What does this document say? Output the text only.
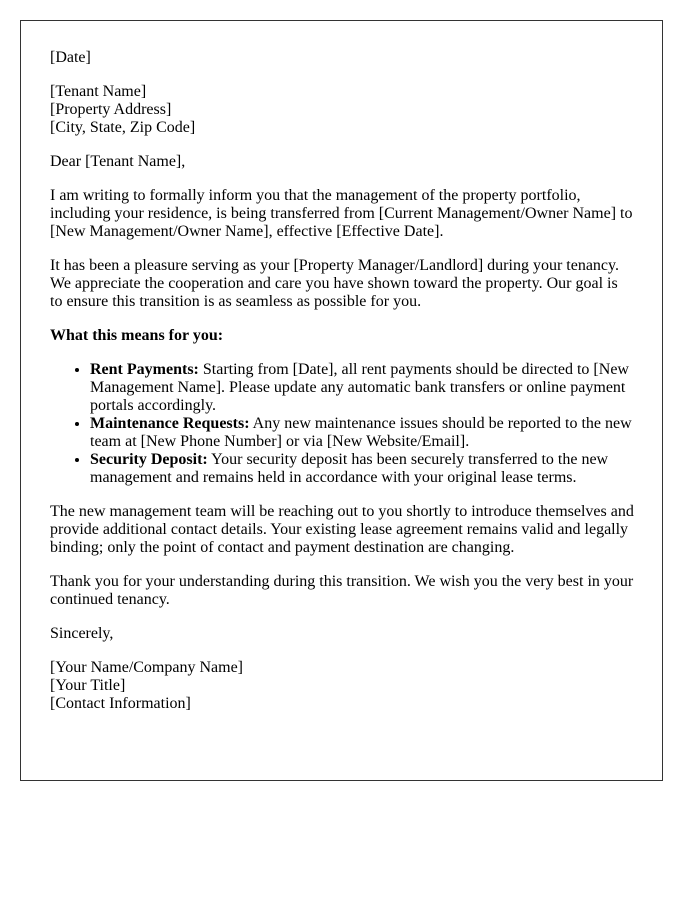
[Date]

[Tenant Name]
[Property Address]
[City, State, Zip Code]

Dear [Tenant Name],

I am writing to formally inform you that the management of the property portfolio, including your residence, is being transferred from [Current Management/Owner Name] to [New Management/Owner Name], effective [Effective Date].

It has been a pleasure serving as your [Property Manager/Landlord] during your tenancy. We appreciate the cooperation and care you have shown toward the property. Our goal is to ensure this transition is as seamless as possible for you.

What this means for you:

• Rent Payments: Starting from [Date], all rent payments should be directed to [New Management Name]. Please update any automatic bank transfers or online payment portals accordingly.
• Maintenance Requests: Any new maintenance issues should be reported to the new team at [New Phone Number] or via [New Website/Email].
• Security Deposit: Your security deposit has been securely transferred to the new management and remains held in accordance with your original lease terms.

The new management team will be reaching out to you shortly to introduce themselves and provide additional contact details. Your existing lease agreement remains valid and legally binding; only the point of contact and payment destination are changing.

Thank you for your understanding during this transition. We wish you the very best in your continued tenancy.

Sincerely,

[Your Name/Company Name]
[Your Title]
[Contact Information]
